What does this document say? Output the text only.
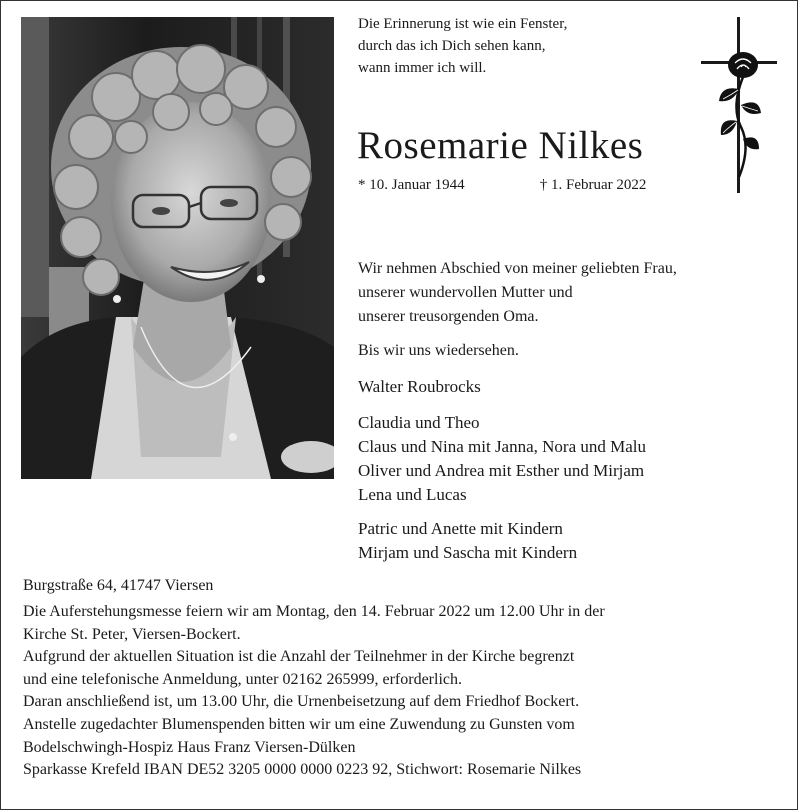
Die Erinnerung ist wie ein Fenster,
durch das ich Dich sehen kann,
wann immer ich will.
Rosemarie Nilkes
* 10. Januar 1944	† 1. Februar 2022
Wir nehmen Abschied von meiner geliebten Frau,
unserer wundervollen Mutter und
unserer treusorgenden Oma.
Bis wir uns wiedersehen.
Walter Roubrocks
Claudia und Theo
Claus und Nina mit Janna, Nora und Malu
Oliver und Andrea mit Esther und Mirjam
Lena und Lucas
Patric und Anette mit Kindern
Mirjam und Sascha mit Kindern
Burgstraße 64, 41747 Viersen
Die Auferstehungsmesse feiern wir am Montag, den 14. Februar 2022 um 12.00 Uhr in der
Kirche St. Peter, Viersen-Bockert.
Aufgrund der aktuellen Situation ist die Anzahl der Teilnehmer in der Kirche begrenzt
und eine telefonische Anmeldung, unter 02162 265999, erforderlich.
Daran anschließend ist, um 13.00 Uhr, die Urnenbeisetzung auf dem Friedhof Bockert.
Anstelle zugedachter Blumenspenden bitten wir um eine Zuwendung zu Gunsten vom
Bodelschwingh-Hospiz Haus Franz Viersen-Dülken
Sparkasse Krefeld IBAN DE52 3205 0000 0000 0223 92, Stichwort: Rosemarie Nilkes
